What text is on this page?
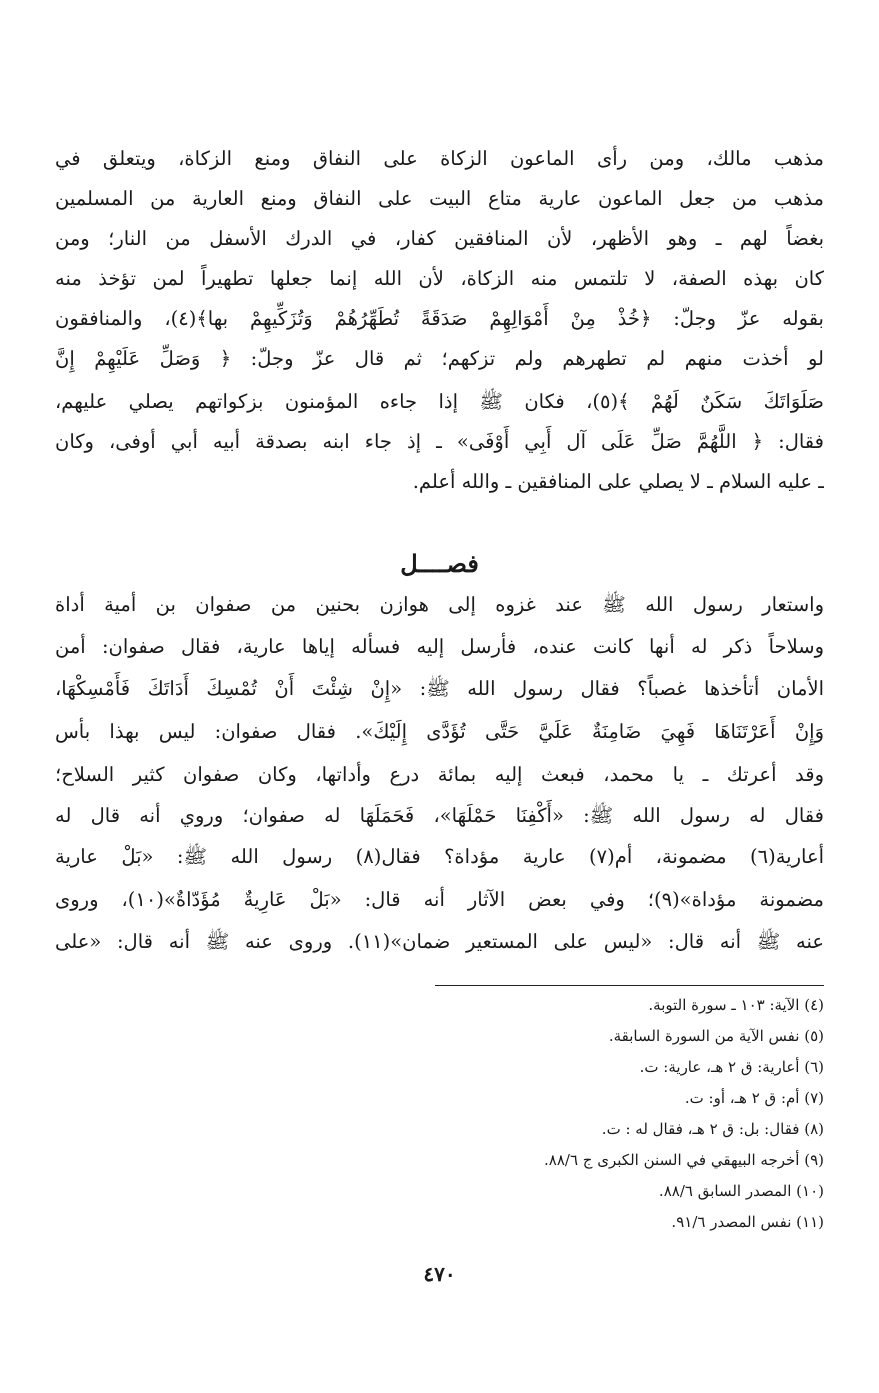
مذهب مالك، ومن رأى الماعون الزكاة على النفاق ومنع الزكاة، ويتعلق في
مذهب من جعل الماعون عارية متاع البيت على النفاق ومنع العارية من المسلمين
بغضاً لهم ـ وهو الأظهر، لأن المنافقين كفار، في الدرك الأسفل من النار؛ ومن
كان بهذه الصفة، لا تلتمس منه الزكاة، لأن الله إنما جعلها تطهيراً لمن تؤخذ منه
بقوله عزّ وجلّ: ﴿خُذْ مِنْ أَمْوَالِهِمْ صَدَقَةً تُطَهِّرُهُمْ وَتُزَكِّيهِمْ بها﴾(٤)، والمنافقون
لو أخذت منهم لم تطهرهم ولم تزكهم؛ ثم قال عزّ وجلّ: ﴿ وَصَلِّ عَلَيْهِمْ إِنَّ
صَلَوَاتَكَ سَكَنٌ لَهُمْ ﴾(٥)، فكان ﷺ إذا جاءه المؤمنون بزكواتهم يصلي عليهم،
فقال: ﴿ اللَّهُمَّ صَلِّ عَلَى آل أَبِي أَوْفَى» ـ إذ جاء ابنه بصدقة أبيه أبي أوفى، وكان
ـ عليه السلام ـ لا يصلي على المنافقين ـ والله أعلم.
فصــــل
واستعار رسول الله ﷺ عند غزوه إلى هوازن بحنين من صفوان بن أمية أداة
وسلاحاً ذكر له أنها كانت عنده، فأرسل إليه فسأله إياها عارية، فقال صفوان: أمن
الأمان أتأخذها غصباً؟ فقال رسول الله ﷺ: «إِنْ شِئْتَ أَنْ تُمْسِكَ أَدَاتَكَ فَأَمْسِكْهَا،
وَإِنْ أَعَرْتَنَاهَا فَهِيَ ضَامِنَةٌ عَلَيَّ حَتَّى تُؤَدَّى إِلَيْكَ». فقال صفوان: ليس بهذا بأس
وقد أعرتك ـ يا محمد، فبعث إليه بمائة درع وأداتها، وكان صفوان كثير السلاح؛
فقال له رسول الله ﷺ: «أَكْفِنَا حَمْلَهَا»، فَحَمَلَهَا له صفوان؛ وروي أنه قال له
أعارية(٦) مضمونة، أم(٧) عارية مؤداة؟ فقال(٨) رسول الله ﷺ: «بَلْ عارية
مضمونة مؤداة»(٩)؛ وفي بعض الآثار أنه قال: «بَلْ عَارِيةٌ مُؤَدّاةٌ»(١٠)، وروى
عنه ﷺ أنه قال: «ليس على المستعير ضمان»(١١). وروى عنه ﷺ أنه قال: «على
(٤) الآية: ١٠٣ ـ سورة التوبة.
(٥) نفس الآية من السورة السابقة.
(٦) أعارية: ق ٢ هـ، عارية: ت.
(٧) أم: ق ٢ هـ، أو: ت.
(٨) فقال: بل: ق ٢ هـ، فقال له : ت.
(٩) أخرجه البيهقي في السنن الكبرى ج ٨٨/٦.
(١٠) المصدر السابق ٨٨/٦.
(١١) نفس المصدر ٩١/٦.
٤٧٠
